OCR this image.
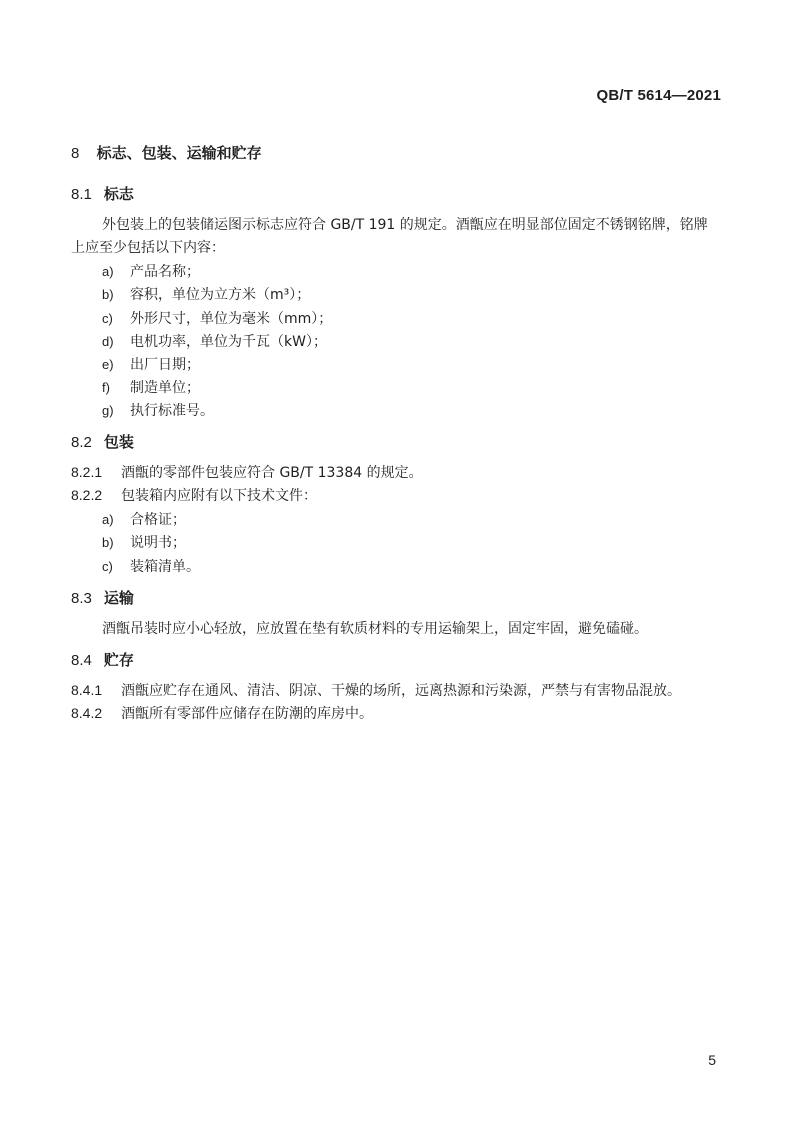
QB/T 5614—2021
8 标志、包装、运输和贮存
8.1 标志
外包装上的包装储运图示标志应符合 GB/T 191 的规定。酒甑应在明显部位固定不锈钢铭牌，铭牌
上应至少包括以下内容：
a) 产品名称；
b) 容积，单位为立方米（m³）；
c) 外形尺寸，单位为毫米（mm）；
d) 电机功率，单位为千瓦（kW）；
e) 出厂日期；
f) 制造单位；
g) 执行标准号。
8.2 包装
8.2.1 酒甑的零部件包装应符合 GB/T 13384 的规定。
8.2.2 包装箱内应附有以下技术文件：
a) 合格证；
b) 说明书；
c) 装箱清单。
8.3 运输
酒甑吊装时应小心轻放，应放置在垫有软质材料的专用运输架上，固定牢固，避免磕碰。
8.4 贮存
8.4.1 酒甑应贮存在通风、清洁、阴凉、干燥的场所，远离热源和污染源，严禁与有害物品混放。
8.4.2 酒甑所有零部件应储存在防潮的库房中。
5
